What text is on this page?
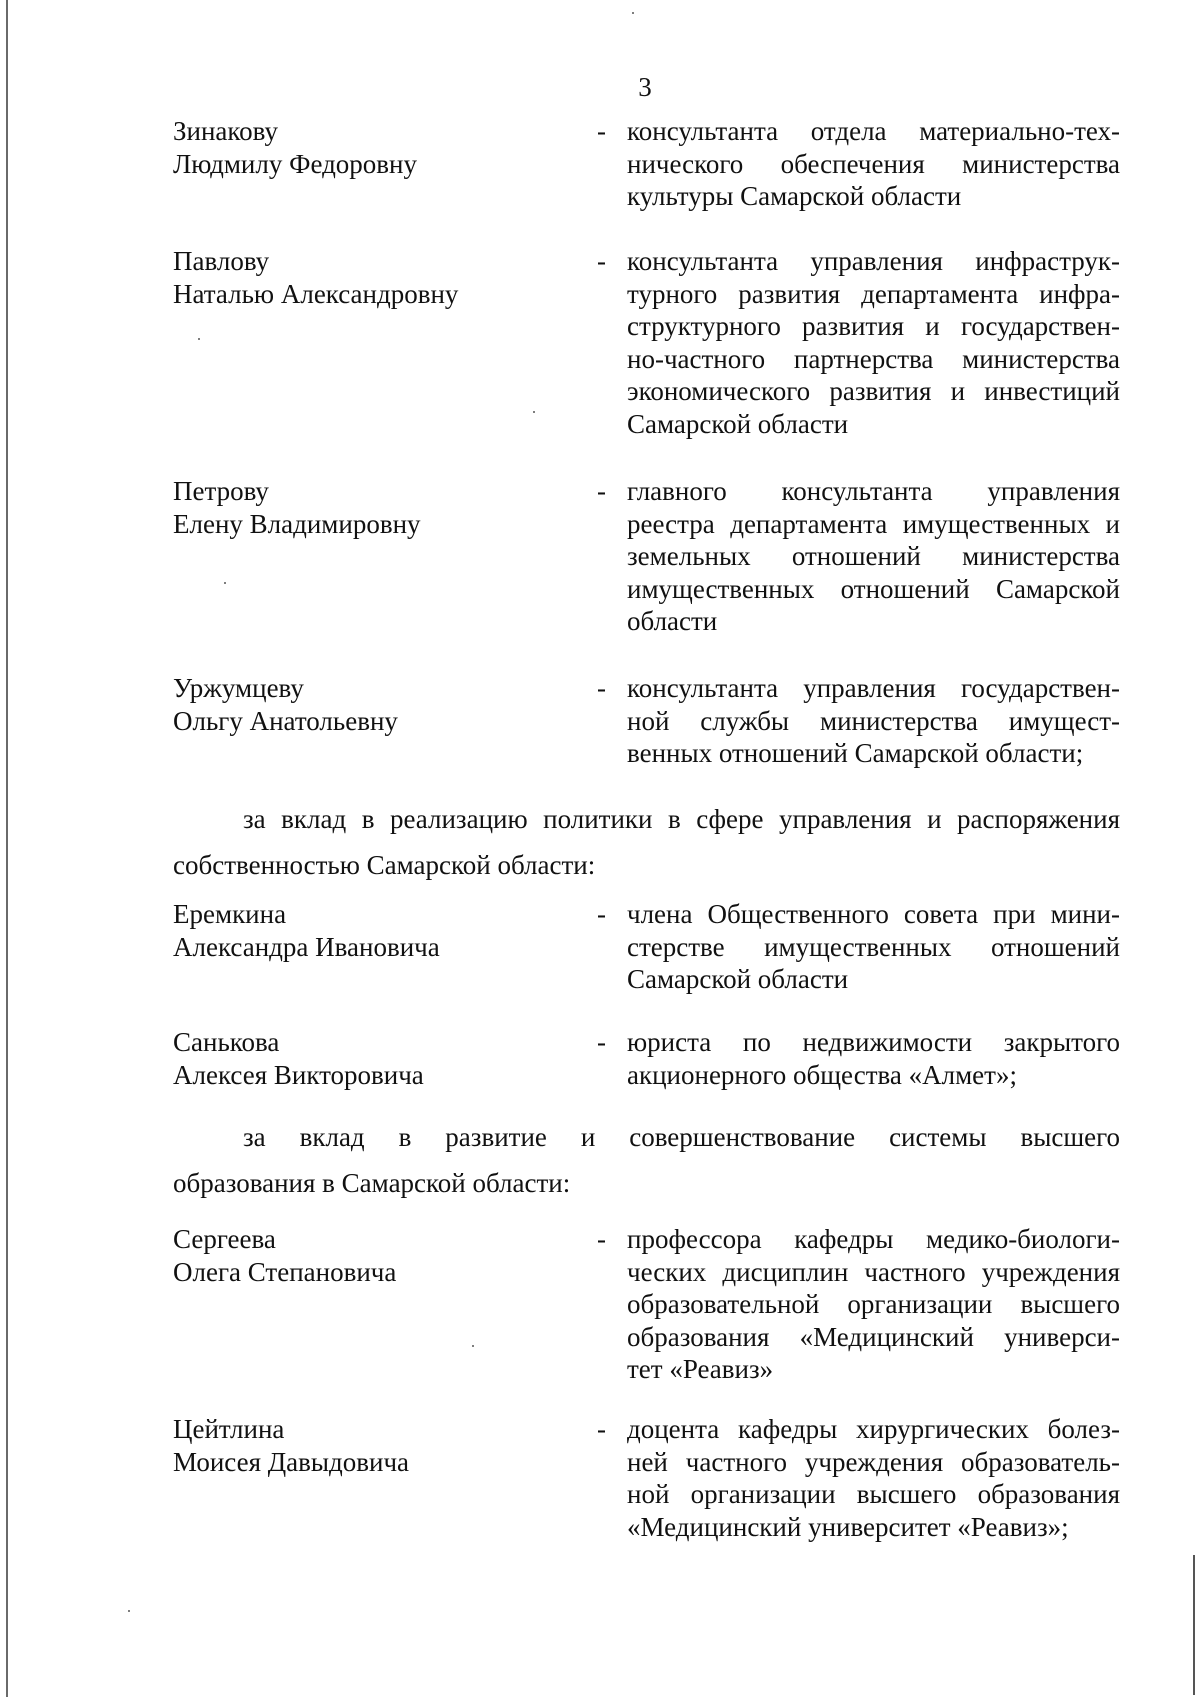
3
Зинакову
Людмилу Федоровну
- консультанта отдела материально-тех-
нического обеспечения министерства
культуры Самарской области
Павлову
Наталью Александровну
- консультанта управления инфраструк-
турного развития департамента инфра-
структурного развития и государствен-
но-частного партнерства министерства
экономического развития и инвестиций
Самарской области
Петрову
Елену Владимировну
- главного консультанта управления
реестра департамента имущественных и
земельных отношений министерства
имущественных отношений Самарской
области
Уржумцеву
Ольгу Анатольевну
- консультанта управления государствен-
ной службы министерства имущест-
венных отношений Самарской области;
за вклад в реализацию политики в сфере управления и распоряжения
собственностью Самарской области:
Еремкина
Александра Ивановича
- члена Общественного совета при мини-
стерстве имущественных отношений
Самарской области
Санькова
Алексея Викторовича
- юриста по недвижимости закрытого
акционерного общества «Алмет»;
за вклад в развитие и совершенствование системы высшего
образования в Самарской области:
Сергеева
Олега Степановича
- профессора кафедры медико-биологи-
ческих дисциплин частного учреждения
образовательной организации высшего
образования «Медицинский универси-
тет «Реавиз»
Цейтлина
Моисея Давыдовича
- доцента кафедры хирургических болез-
ней частного учреждения образователь-
ной организации высшего образования
«Медицинский университет «Реавиз»;
